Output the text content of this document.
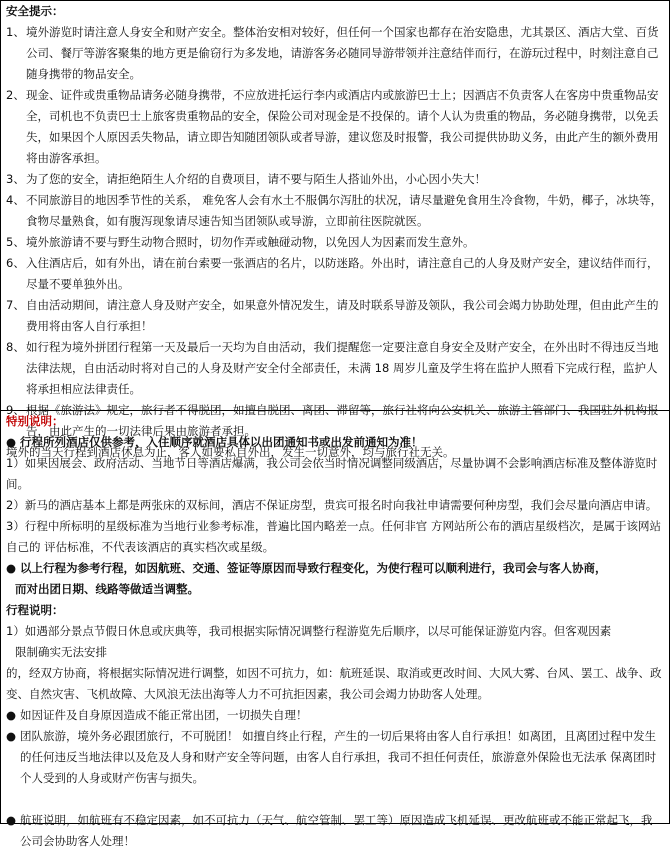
安全提示：
1、 境外游览时请注意人身安全和财产安全。整体治安相对较好，但任何一个国家也都存在治安隐患，尤其景区、酒店大堂、百货公司、餐厅等游客聚集的地方更是偷窃行为多发地，请游客务必随同导游带领并注意结伴而行，在游玩过程中，时刻注意自己随身携带的物品安全。
2、 现金、证件或贵重物品请务必随身携带，不应放进托运行李内或酒店内或旅游巴士上；因酒店不负责客人在客房中贵重物品安全，司机也不负责巴士上旅客贵重物品的安全，保险公司对现金是不投保的。请个人认为贵重的物品，务必随身携带，以免丢失，如果因个人原因丢失物品，请立即告知随团领队或者导游，建议您及时报警，我公司提供协助义务，由此产生的额外费用将由游客承担。
3、 为了您的安全，请拒绝陌生人介绍的自费项目，请不要与陌生人搭讪外出，小心因小失大！
4、 不同旅游目的地因季节性的关系， 难免客人会有水土不服偶尔泻肚的状况，请尽量避免食用生冷食物，牛奶，椰子，冰块等，食物尽量熟食，如有腹泻现象请尽速告知当团领队或导游，立即前往医院就医。
5、 境外旅游请不要与野生动物合照时，切勿作弄或触碰动物，以免因人为因素而发生意外。
6、 入住酒店后，如有外出，请在前台索要一张酒店的名片，以防迷路。外出时，请注意自己的人身及财产安全，建议结伴而行，尽量不要单独外出。
7、 自由活动期间，请注意人身及财产安全，如果意外情况发生，请及时联系导游及领队，我公司会竭力协助处理，但由此产生的费用将由客人自行承担！
8、 如行程为境外拼团行程第一天及最后一天均为自由活动，我们提醒您一定要注意自身安全及财产安全，在外出时不得违反当地法律法规，自由活动时将对自己的人身及财产安全付全部责任，未满 18 周岁儿童及学生将在监护人照看下完成行程，监护人将承担相应法律责任。
9、 根据《旅游法》规定，旅行者不得脱团，如擅自脱团、离团、滞留等，旅行社将向公安机关、旅游主管部门、我国驻外机构报告，由此产生的一切法律后果由旅游者承担。
境外的当天行程到酒店休息为止，客人如要私自外出，发生一切意外，均与旅行社无关。
特别说明：
● 行程所列酒店仅供参考，入住顺序就酒店具体以出团通知书或出发前通知为准！
1）如果因展会、政府活动、当地节日等酒店爆满，我公司会依当时情况调整同级酒店，尽量协调不会影响酒店标准及整体游览时间。
2）新马的酒店基本上都是两张床的双标间，酒店不保证房型，贵宾可报名时向我社申请需要何种房型，我们会尽量向酒店申请。
3）行程中所标明的星级标准为当地行业参考标准，普遍比国内略差一点。任何非官 方网站所公布的酒店星级档次，是属于该网站自己的 评估标准，不代表该酒店的真实档次或星级。
● 以上行程为参考行程，如因航班、交通、签证等原因而导致行程变化，为使行程可以顺利进行，我司会与客人协商，
而对出团日期、线路等做适当调整。
行程说明：
1）如遇部分景点节假日休息或庆典等，我司根据实际情况调整行程游览先后顺序，以尽可能保证游览内容。但客观因素
限制确实无法安排
的，经双方协商，将根据实际情况进行调整，如因不可抗力，如：航班延误、取消或更改时间、大风大雾、台风、罢工、战争、政变、自然灾害、飞机故障、大风浪无法出海等人力不可抗拒因素，我公司会竭力协助客人处理。
● 如因证件及自身原因造成不能正常出团，一切损失自理！
● 团队旅游，境外务必跟团旅行，不可脱团！ 如擅自终止行程，产生的一切后果将由客人自行承担！如离团，且离团过程中发生的任何违反当地法律以及危及人身和财产安全等问题，由客人自行承担，我司不担任何责任，旅游意外保险也无法承 保离团时个人受到的人身或财产伤害与损失。
● 航班说明，如航班有不稳定因素，如不可抗力（天气、航空管制、罢工等）原因造成飞机延误、更改航班或不能正常起飞，我公司会协助客人处理！
